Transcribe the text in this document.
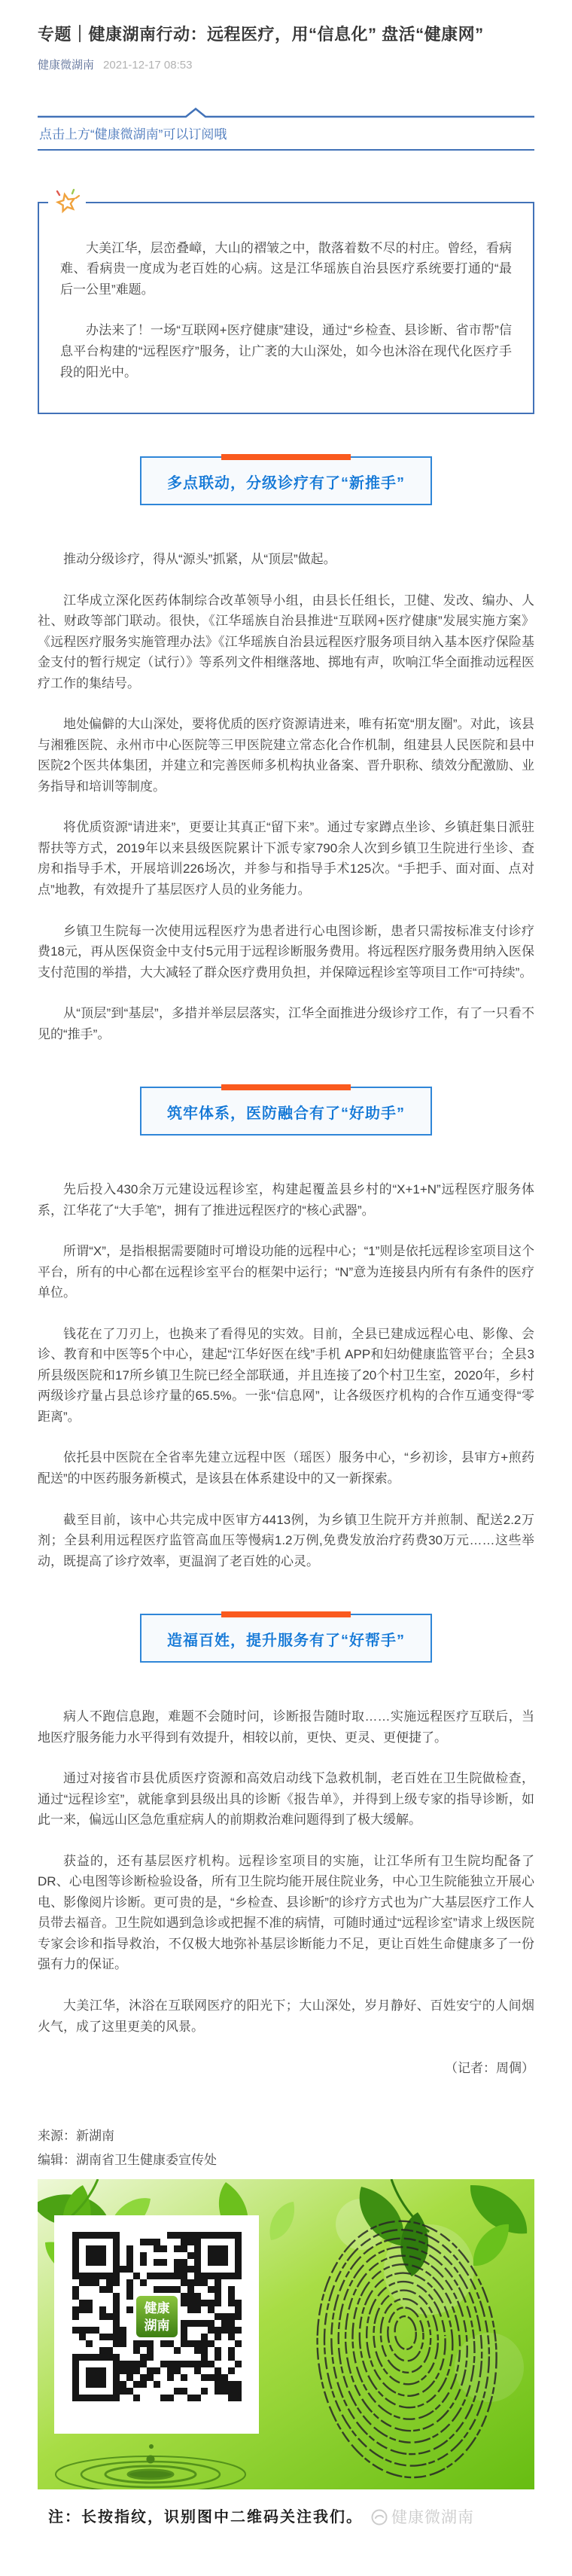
专题｜健康湖南行动：远程医疗，用“信息化” 盘活“健康网”
健康微湖南 2021-12-17 08:53
点击上方“健康微湖南”可以订阅哦

大美江华，层峦叠嶂，大山的褶皱之中，散落着数不尽的村庄。曾经，看病难、看病贵一度成为老百姓的心病。这是江华瑶族自治县医疗系统要打通的“最后一公里”难题。

办法来了！一场“互联网+医疗健康”建设，通过“乡检查、县诊断、省市帮”信息平台构建的“远程医疗”服务，让广袤的大山深处，如今也沐浴在现代化医疗手段的阳光中。

多点联动，分级诊疗有了“新推手”

推动分级诊疗，得从“源头”抓紧，从“顶层”做起。

江华成立深化医药体制综合改革领导小组，由县长任组长，卫健、发改、编办、人社、财政等部门联动。很快，《江华瑶族自治县推进“互联网+医疗健康”发展实施方案》《远程医疗服务实施管理办法》《江华瑶族自治县远程医疗服务项目纳入基本医疗保险基金支付的暂行规定（试行）》等系列文件相继落地、掷地有声，吹响江华全面推动远程医疗工作的集结号。

地处偏僻的大山深处，要将优质的医疗资源请进来，唯有拓宽“朋友圈”。对此，该县与湘雅医院、永州市中心医院等三甲医院建立常态化合作机制，组建县人民医院和县中医院2个医共体集团，并建立和完善医师多机构执业备案、晋升职称、绩效分配激励、业务指导和培训等制度。

将优质资源“请进来”，更要让其真正“留下来”。通过专家蹲点坐诊、乡镇赶集日派驻帮扶等方式，2019年以来县级医院累计下派专家790余人次到乡镇卫生院进行坐诊、查房和指导手术，开展培训226场次，并参与和指导手术125次。“手把手、面对面、点对点”地教，有效提升了基层医疗人员的业务能力。

乡镇卫生院每一次使用远程医疗为患者进行心电图诊断，患者只需按标准支付诊疗费18元，再从医保资金中支付5元用于远程诊断服务费用。将远程医疗服务费用纳入医保支付范围的举措，大大减轻了群众医疗费用负担，并保障远程诊室等项目工作“可持续”。

从“顶层”到“基层”，多措并举层层落实，江华全面推进分级诊疗工作，有了一只看不见的“推手”。

筑牢体系，医防融合有了“好助手”

先后投入430余万元建设远程诊室，构建起覆盖县乡村的“X+1+N”远程医疗服务体系，江华花了“大手笔”，拥有了推进远程医疗的“核心武器”。

所谓“X”，是指根据需要随时可增设功能的远程中心；“1”则是依托远程诊室项目这个平台，所有的中心都在远程诊室平台的框架中运行；“N”意为连接县内所有有条件的医疗单位。

钱花在了刀刃上，也换来了看得见的实效。目前，全县已建成远程心电、影像、会诊、教育和中医等5个中心，建起“江华好医在线”手机 APP和妇幼健康监管平台；全县3所县级医院和17所乡镇卫生院已经全部联通，并且连接了20个村卫生室，2020年，乡村两级诊疗量占县总诊疗量的65.5%。一张“信息网”，让各级医疗机构的合作互通变得“零距离”。

依托县中医院在全省率先建立远程中医（瑶医）服务中心，“乡初诊，县审方+煎药配送”的中医药服务新模式，是该县在体系建设中的又一新探索。

截至目前，该中心共完成中医审方4413例，为乡镇卫生院开方并煎制、配送2.2万剂；全县利用远程医疗监管高血压等慢病1.2万例,免费发放治疗药费30万元……这些举动，既提高了诊疗效率，更温润了老百姓的心灵。

造福百姓，提升服务有了“好帮手”

病人不跑信息跑，难题不会随时问，诊断报告随时取……实施远程医疗互联后，当地医疗服务能力水平得到有效提升，相较以前，更快、更灵、更便捷了。

通过对接省市县优质医疗资源和高效启动线下急救机制，老百姓在卫生院做检查，通过“远程诊室”，就能拿到县级出具的诊断《报告单》，并得到上级专家的指导诊断，如此一来，偏远山区急危重症病人的前期救治难问题得到了极大缓解。

获益的，还有基层医疗机构。远程诊室项目的实施，让江华所有卫生院均配备了DR、心电图等诊断检验设备，所有卫生院均能开展住院业务，中心卫生院能独立开展心电、影像阅片诊断。更可贵的是，“乡检查、县诊断”的诊疗方式也为广大基层医疗工作人员带去福音。卫生院如遇到急诊或把握不准的病情，可随时通过“远程诊室”请求上级医院专家会诊和指导救治，不仅极大地弥补基层诊断能力不足，更让百姓生命健康多了一份强有力的保证。

大美江华，沐浴在互联网医疗的阳光下；大山深处，岁月静好、百姓安宁的人间烟火气，成了这里更美的风景。

（记者：周倜）
来源：新湖南
编辑：湖南省卫生健康委宣传处
健康
湖南
注：长按指纹，识别图中二维码关注我们。 健康微湖南
